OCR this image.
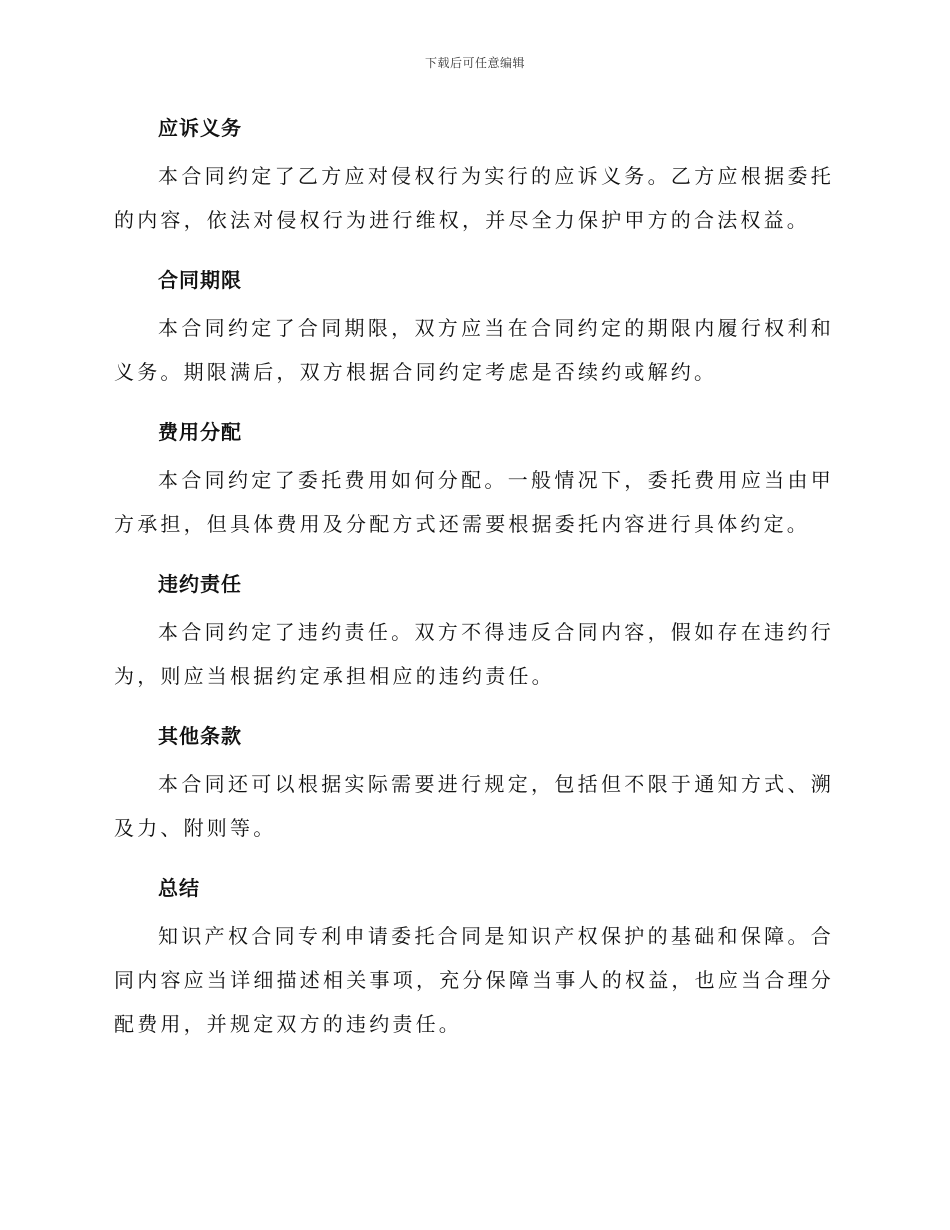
下载后可任意编辑
应诉义务

本合同约定了乙方应对侵权行为实行的应诉义务。乙方应根据委托的内容，依法对侵权行为进行维权，并尽全力保护甲方的合法权益。

合同期限

本合同约定了合同期限，双方应当在合同约定的期限内履行权利和义务。期限满后，双方根据合同约定考虑是否续约或解约。

费用分配

本合同约定了委托费用如何分配。一般情况下，委托费用应当由甲方承担，但具体费用及分配方式还需要根据委托内容进行具体约定。

违约责任

本合同约定了违约责任。双方不得违反合同内容，假如存在违约行为，则应当根据约定承担相应的违约责任。

其他条款

本合同还可以根据实际需要进行规定，包括但不限于通知方式、溯及力、附则等。

总结

知识产权合同专利申请委托合同是知识产权保护的基础和保障。合同内容应当详细描述相关事项，充分保障当事人的权益，也应当合理分配费用，并规定双方的违约责任。
